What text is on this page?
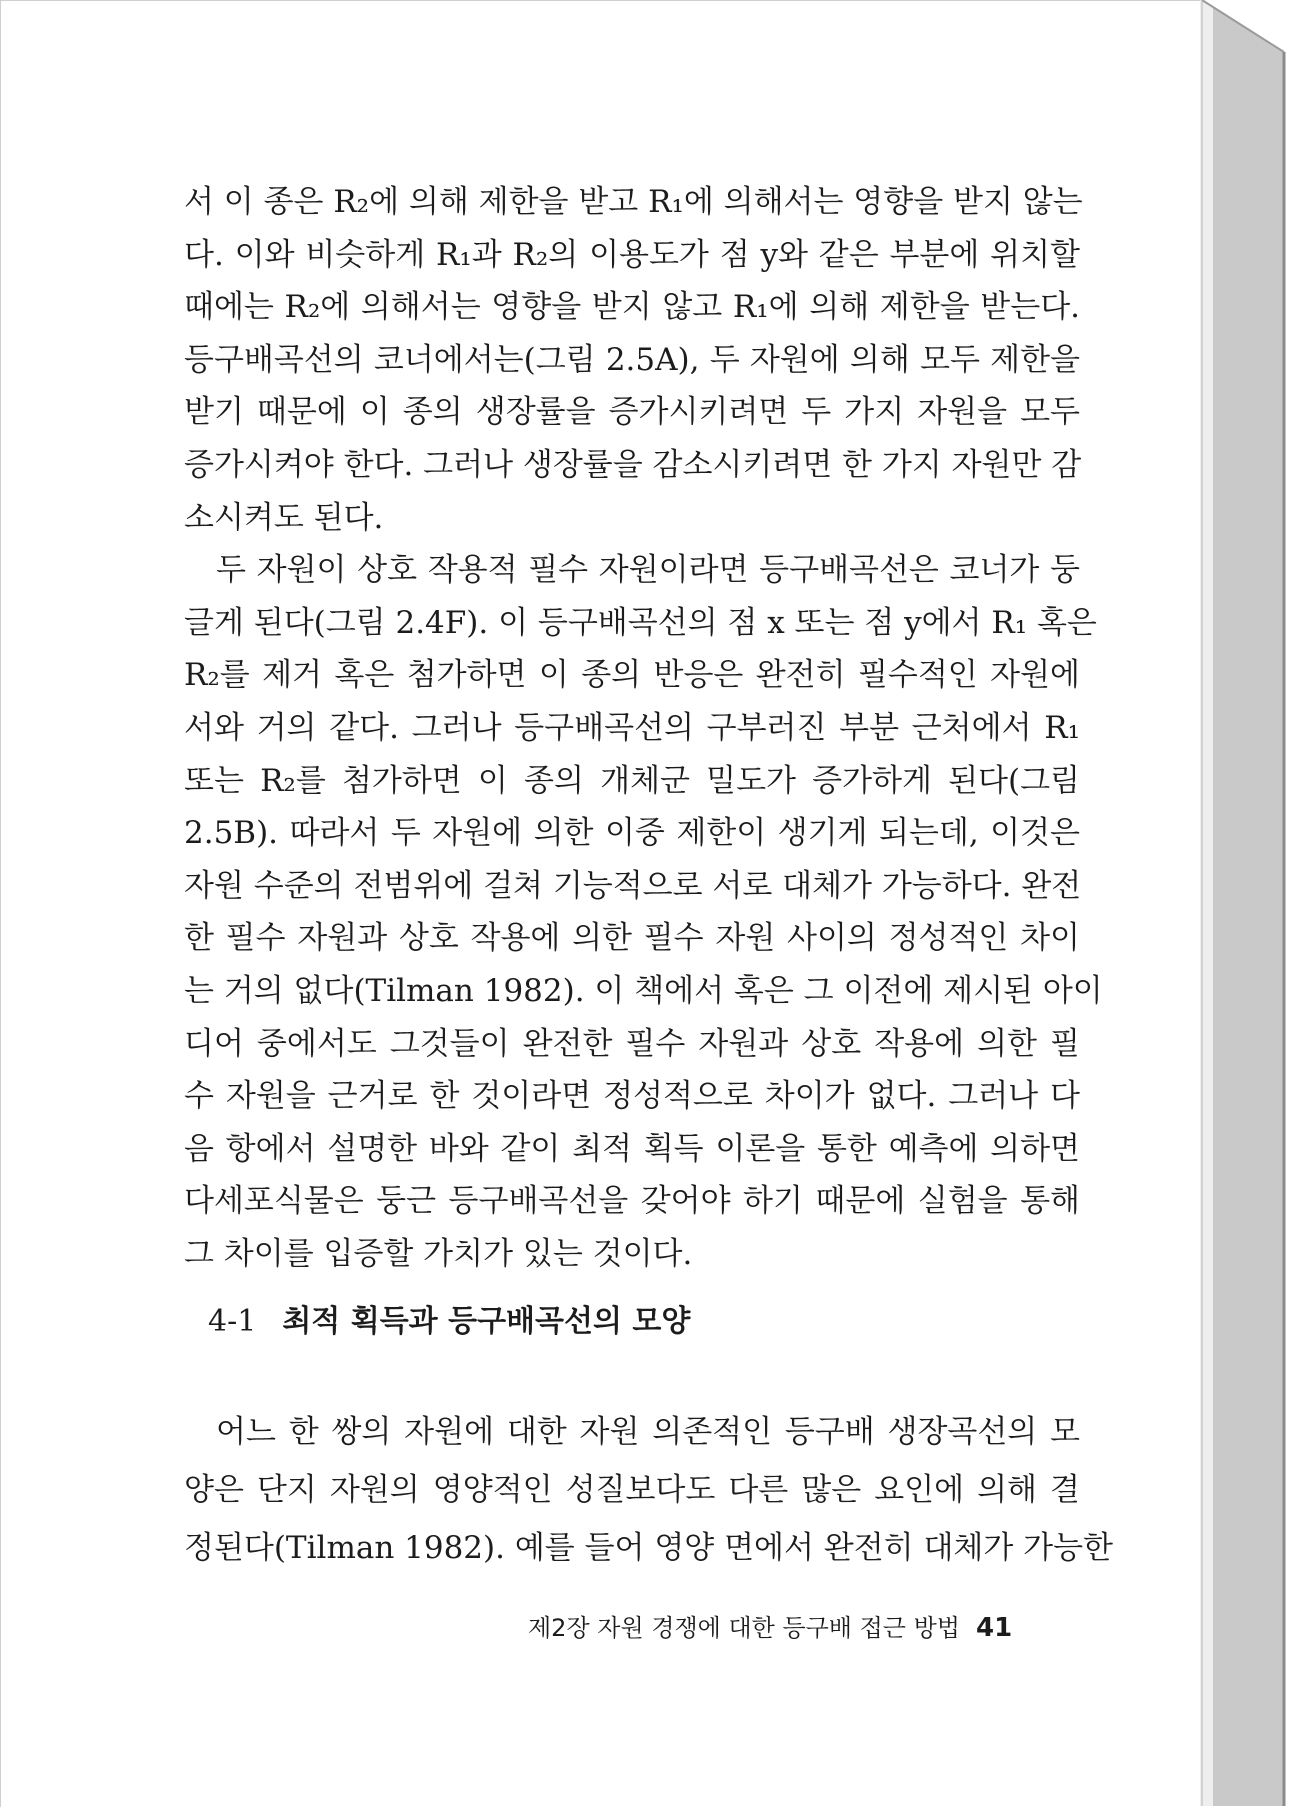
서 이 종은 R₂에 의해 제한을 받고 R₁에 의해서는 영향을 받지 않는
다. 이와 비슷하게 R₁과 R₂의 이용도가 점 y와 같은 부분에 위치할
때에는 R₂에 의해서는 영향을 받지 않고 R₁에 의해 제한을 받는다.
등구배곡선의 코너에서는(그림 2.5A), 두 자원에 의해 모두 제한을
받기 때문에 이 종의 생장률을 증가시키려면 두 가지 자원을 모두
증가시켜야 한다. 그러나 생장률을 감소시키려면 한 가지 자원만 감
소시켜도 된다.
두 자원이 상호 작용적 필수 자원이라면 등구배곡선은 코너가 둥
글게 된다(그림 2.4F). 이 등구배곡선의 점 x 또는 점 y에서 R₁ 혹은
R₂를 제거 혹은 첨가하면 이 종의 반응은 완전히 필수적인 자원에
서와 거의 같다. 그러나 등구배곡선의 구부러진 부분 근처에서 R₁
또는 R₂를 첨가하면 이 종의 개체군 밀도가 증가하게 된다(그림
2.5B). 따라서 두 자원에 의한 이중 제한이 생기게 되는데, 이것은
자원 수준의 전범위에 걸쳐 기능적으로 서로 대체가 가능하다. 완전
한 필수 자원과 상호 작용에 의한 필수 자원 사이의 정성적인 차이
는 거의 없다(Tilman 1982). 이 책에서 혹은 그 이전에 제시된 아이
디어 중에서도 그것들이 완전한 필수 자원과 상호 작용에 의한 필
수 자원을 근거로 한 것이라면 정성적으로 차이가 없다. 그러나 다
음 항에서 설명한 바와 같이 최적 획득 이론을 통한 예측에 의하면
다세포식물은 둥근 등구배곡선을 갖어야 하기 때문에 실험을 통해
그 차이를 입증할 가치가 있는 것이다.
4-1 최적 획득과 등구배곡선의 모양
어느 한 쌍의 자원에 대한 자원 의존적인 등구배 생장곡선의 모
양은 단지 자원의 영양적인 성질보다도 다른 많은 요인에 의해 결
정된다(Tilman 1982). 예를 들어 영양 면에서 완전히 대체가 가능한
제2장 자원 경쟁에 대한 등구배 접근 방법 41
